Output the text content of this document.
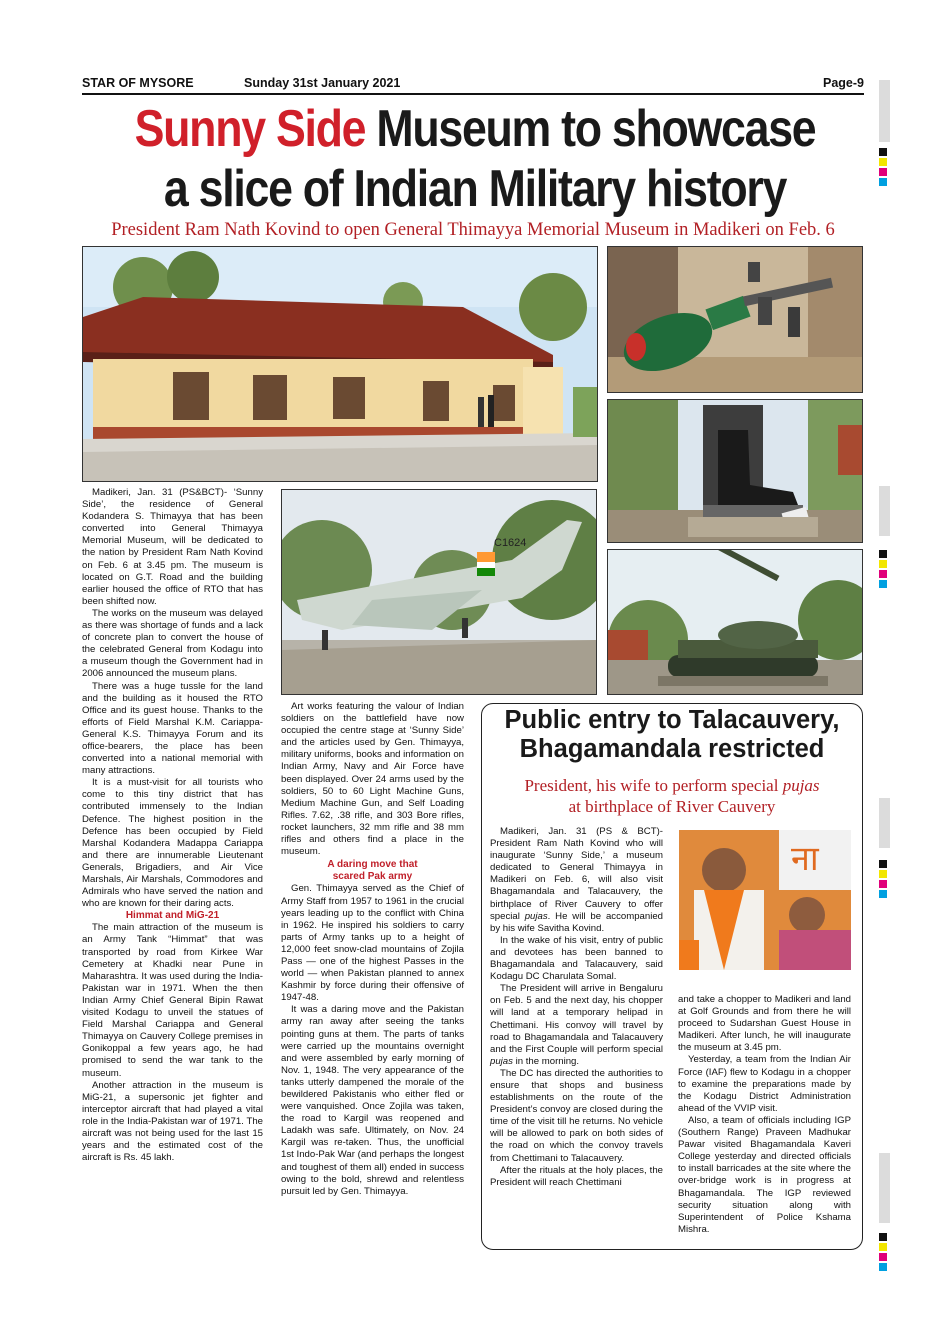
STAR OF MYSORE	Sunday 31st January 2021	Page-9
Sunny Side Museum to showcase
a slice of Indian Military history
President Ram Nath Kovind to open General Thimayya Memorial Museum in Madikeri on Feb. 6
C1624

Madikeri, Jan. 31 (PS&BCT)- ‘Sunny Side’, the residence of General Kodandera S. Thimayya that has been converted into General Thimayya Memorial Museum, will be dedicated to the nation by President Ram Nath Kovind on Feb. 6 at 3.45 pm. The museum is located on G.T. Road and the building earlier housed the office of RTO that has been shifted now.

The works on the museum was delayed as there was shortage of funds and a lack of concrete plan to convert the house of the celebrated General from Kodagu into a museum though the Government had in 2006 announced the museum plans.

There was a huge tussle for the land and the building as it housed the RTO Office and its guest house. Thanks to the efforts of Field Marshal K.M. Cariappa-General K.S. Thimayya Forum and its office-bearers, the place has been converted into a national memorial with many attractions.

It is a must-visit for all tourists who come to this tiny district that has contributed immensely to the Indian Defence. The highest position in the Defence has been occupied by Field Marshal Kodandera Madappa Cariappa and there are innumerable Lieutenant Generals, Brigadiers, and Air Vice Marshals, Air Marshals, Commodores and Admirals who have served the nation and who are known for their daring acts.

Himmat and MiG-21

The main attraction of the museum is an Army Tank “Himmat” that was transported by road from Kirkee War Cemetery at Khadki near Pune in Maharashtra. It was used during the India-Pakistan war in 1971. When the then Indian Army Chief General Bipin Rawat visited Kodagu to unveil the statues of Field Marshal Cariappa and General Thimayya on Cauvery College premises in Gonikoppal a few years ago, he had promised to send the war tank to the museum.

Another attraction in the museum is MiG-21, a supersonic jet fighter and interceptor aircraft that had played a vital role in the India-Pakistan war of 1971. The aircraft was not being used for the last 15 years and the estimated cost of the aircraft is Rs. 45 lakh.

Art works featuring the valour of Indian soldiers on the battlefield have now occupied the centre stage at ‘Sunny Side’ and the articles used by Gen. Thimayya, military uniforms, books and information on Indian Army, Navy and Air Force have been displayed. Over 24 arms used by the soldiers, 50 to 60 Light Machine Guns, Medium Machine Gun, and Self Loading Rifles. 7.62, .38 rifle, and 303 Bore rifles, rocket launchers, 32 mm rifle and 38 mm rifles and others find a place in the museum.

A daring move that

scared Pak army

Gen. Thimayya served as the Chief of Army Staff from 1957 to 1961 in the crucial years leading up to the conflict with China in 1962. He inspired his soldiers to carry parts of Army tanks up to a height of 12,000 feet snow-clad mountains of Zojila Pass — one of the highest Passes in the world — when Pakistan planned to annex Kashmir by force during their offensive of 1947-48.

It was a daring move and the Pakistan army ran away after seeing the tanks pointing guns at them. The parts of tanks were carried up the mountains overnight and were assembled by early morning of Nov. 1, 1948. The very appearance of the tanks utterly dampened the morale of the bewildered Pakistanis who either fled or were vanquished. Once Zojila was taken, the road to Kargil was reopened and Ladakh was safe. Ultimately, on Nov. 24 Kargil was re-taken. Thus, the unofficial 1st Indo-Pak War (and perhaps the longest and toughest of them all) ended in success owing to the bold, shrewd and relentless pursuit led by Gen. Thimayya.

Public entry to Talacauvery,
Bhagamandala restricted
President, his wife to perform special pujas
at birthplace of River Cauvery

Madikeri, Jan. 31 (PS & BCT)- President Ram Nath Kovind who will inaugurate ‘Sunny Side,’ a museum dedicated to General Thimayya in Madikeri on Feb. 6, will also visit Bhagamandala and Talacauvery, the birthplace of River Cauvery to offer special pujas. He will be accompanied by his wife Savitha Kovind.

In the wake of his visit, entry of public and devotees has been banned to Bhagamandala and Talacauvery, said Kodagu DC Charulata Somal.

The President will arrive in Bengaluru on Feb. 5 and the next day, his chopper will land at a temporary helipad in Chettimani. His convoy will travel by road to Bhagamandala and Talacauvery and the First Couple will perform special pujas in the morning.

The DC has directed the authorities to ensure that shops and business establishments on the route of the President’s convoy are closed during the time of the visit till he returns. No vehicle will be allowed to park on both sides of the road on which the convoy travels from Chettimani to Talacauvery.

After the rituals at the holy places, the President will reach Chettimani

ना

and take a chopper to Madikeri and land at Golf Grounds and from there he will proceed to Sudarshan Guest House in Madikeri. After lunch, he will inaugurate the museum at 3.45 pm.

Yesterday, a team from the Indian Air Force (IAF) flew to Kodagu in a chopper to examine the preparations made by the Kodagu District Administration ahead of the VVIP visit.

Also, a team of officials including IGP (Southern Range) Praveen Madhukar Pawar visited Bhagamandala Kaveri College yesterday and directed officials to install barricades at the site where the over-bridge work is in progress at Bhagamandala. The IGP reviewed security situation along with Superintendent of Police Kshama Mishra.
